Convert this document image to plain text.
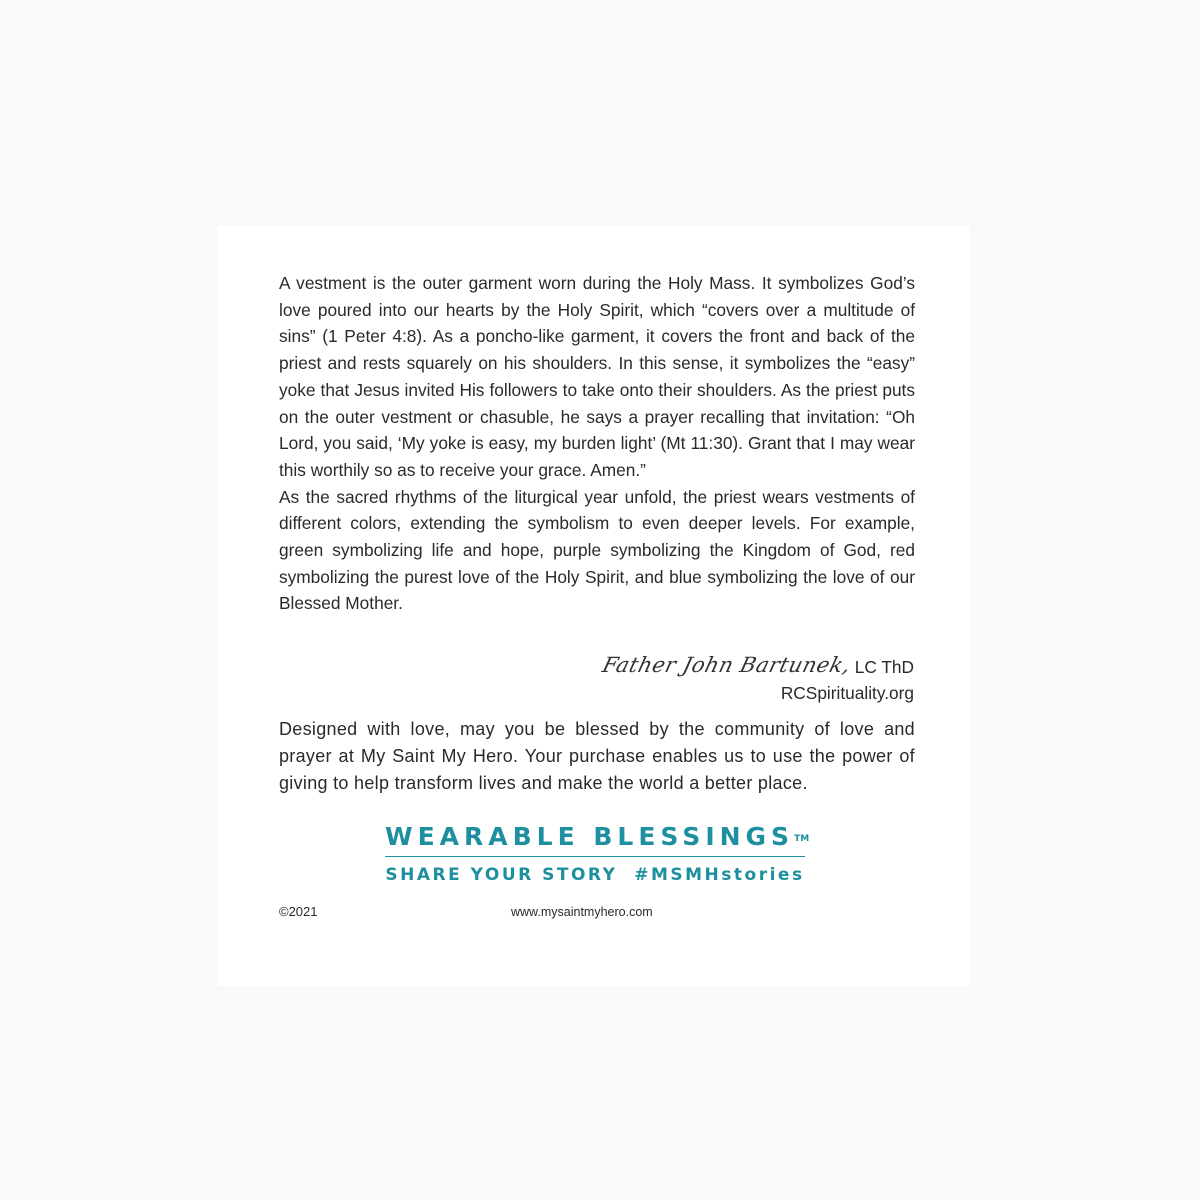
A vestment is the outer garment worn during the Holy Mass. It symbolizes God’s love poured into our hearts by the Holy Spirit, which “covers over a multitude of sins” (1 Peter 4:8). As a poncho-like garment, it covers the front and back of the priest and rests squarely on his shoulders. In this sense, it symbolizes the “easy” yoke that Jesus invited His followers to take onto their shoulders. As the priest puts on the outer vestment or chasuble, he says a prayer recalling that invitation: “Oh Lord, you said, ‘My yoke is easy, my burden light’ (Mt 11:30). Grant that I may wear this worthily so as to receive your grace. Amen.”

As the sacred rhythms of the liturgical year unfold, the priest wears vestments of different colors, extending the symbolism to even deeper levels. For example, green symbolizing life and hope, purple symbolizing the Kingdom of God, red symbolizing the purest love of the Holy Spirit, and blue symbolizing the love of our Blessed Mother.

Father John Bartunek, LC ThD
RCSpirituality.org

Designed with love, may you be blessed by the community of love and prayer at My Saint My Hero. Your purchase enables us to use the power of giving to help transform lives and make the world a better place.

WEARABLE BLESSINGS™
SHARE YOUR STORY  #MSMHstories
©2021	www.mysaintmyhero.com
